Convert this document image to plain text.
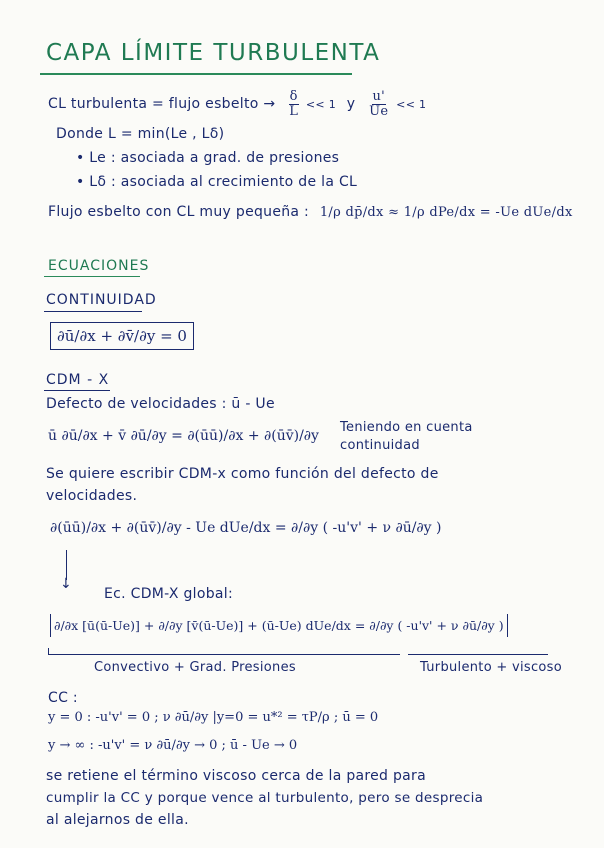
CAPA LÍMITE TURBULENTA
CL turbulenta = flujo esbelto → $\frac{\delta}{L} << 1$ y $\frac{u'}{Ue} << 1$
Donde L = min(Le , Lδ)
• Le : asociada a grad. de presiones
• Lδ : asociada al crecimiento de la CL
Flujo esbelto con CL muy pequeña : 1/ρ dp̄/dx ≈ 1/ρ dPe/dx = -Ue dUe/dx
ECUACIONES
CONTINUIDAD
∂ū/∂x + ∂v̄/∂y = 0
CDM - X
Defecto de velocidades : ū - Ue
ū ∂ū/∂x + v̄ ∂ū/∂y = ∂(ūū)/∂x + ∂(ūv̄)/∂y
Teniendo en cuenta
continuidad
Se quiere escribir CDM-x como función del defecto de
velocidades.
∂(ūū)/∂x + ∂(ūv̄)/∂y - Ue dUe/dx = ∂/∂y ( -u'v' + ν ∂ū/∂y )
↓
Ec. CDM-X global:
∂/∂x [ū(ū-Ue)] + ∂/∂y [v̄(ū-Ue)] + (ū-Ue) dUe/dx = ∂/∂y ( -u'v' + ν ∂ū/∂y )
Convectivo + Grad. Presiones	Turbulento + viscoso
CC :
y = 0 : -u'v' = 0 ; ν ∂ū/∂y |y=0 = u*² = τP/ρ ; ū = 0
y → ∞ : -u'v' = ν ∂ū/∂y → 0 ; ū - Ue → 0
se retiene el término viscoso cerca de la pared para
cumplir la CC y porque vence al turbulento, pero se desprecia
al alejarnos de ella.
